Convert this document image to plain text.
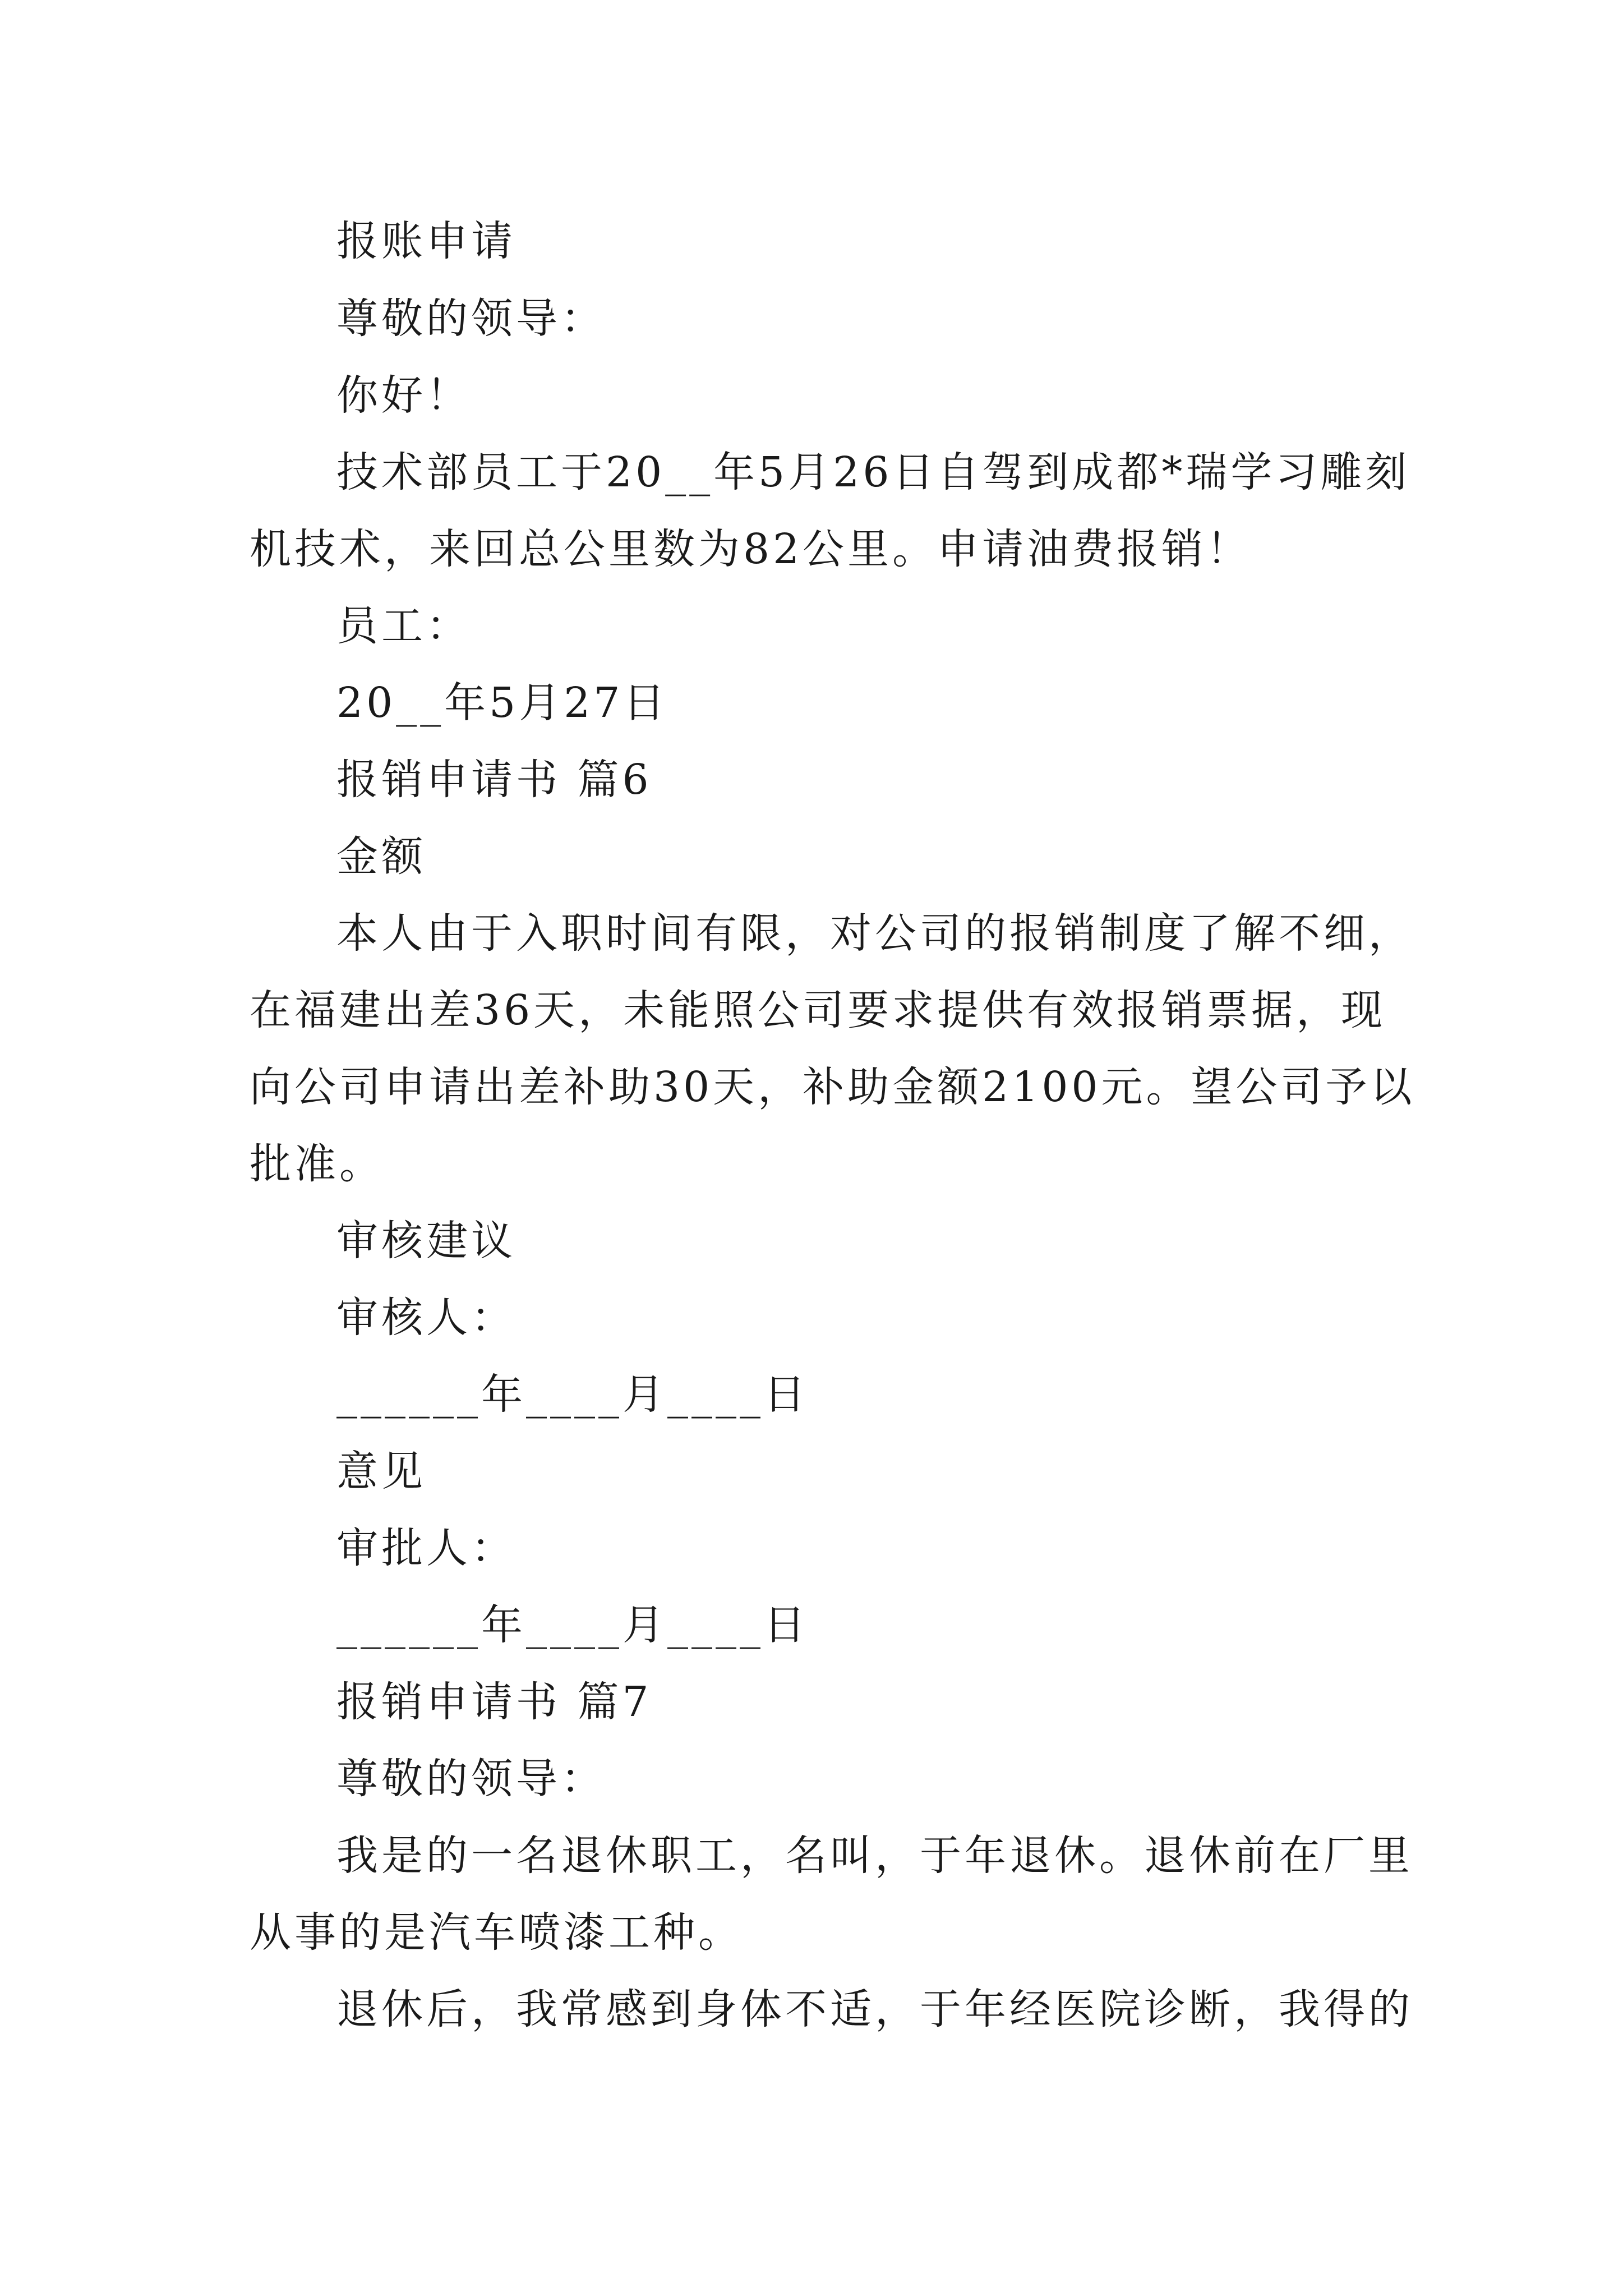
报账申请

尊敬的领导：

你好！

技术部员工于20__年5月26日自驾到成都*瑞学习雕刻

机技术，来回总公里数为82公里。申请油费报销！

员工：

20__年5月27日

报销申请书 篇6

金额

本人由于入职时间有限，对公司的报销制度了解不细，

在福建出差36天，未能照公司要求提供有效报销票据，现

向公司申请出差补助30天，补助金额2100元。望公司予以

批准。

审核建议

审核人：

______年____月____日

意见

审批人：

______年____月____日

报销申请书 篇7

尊敬的领导：

我是的一名退休职工，名叫，于年退休。退休前在厂里

从事的是汽车喷漆工种。

退休后，我常感到身体不适，于年经医院诊断，我得的
